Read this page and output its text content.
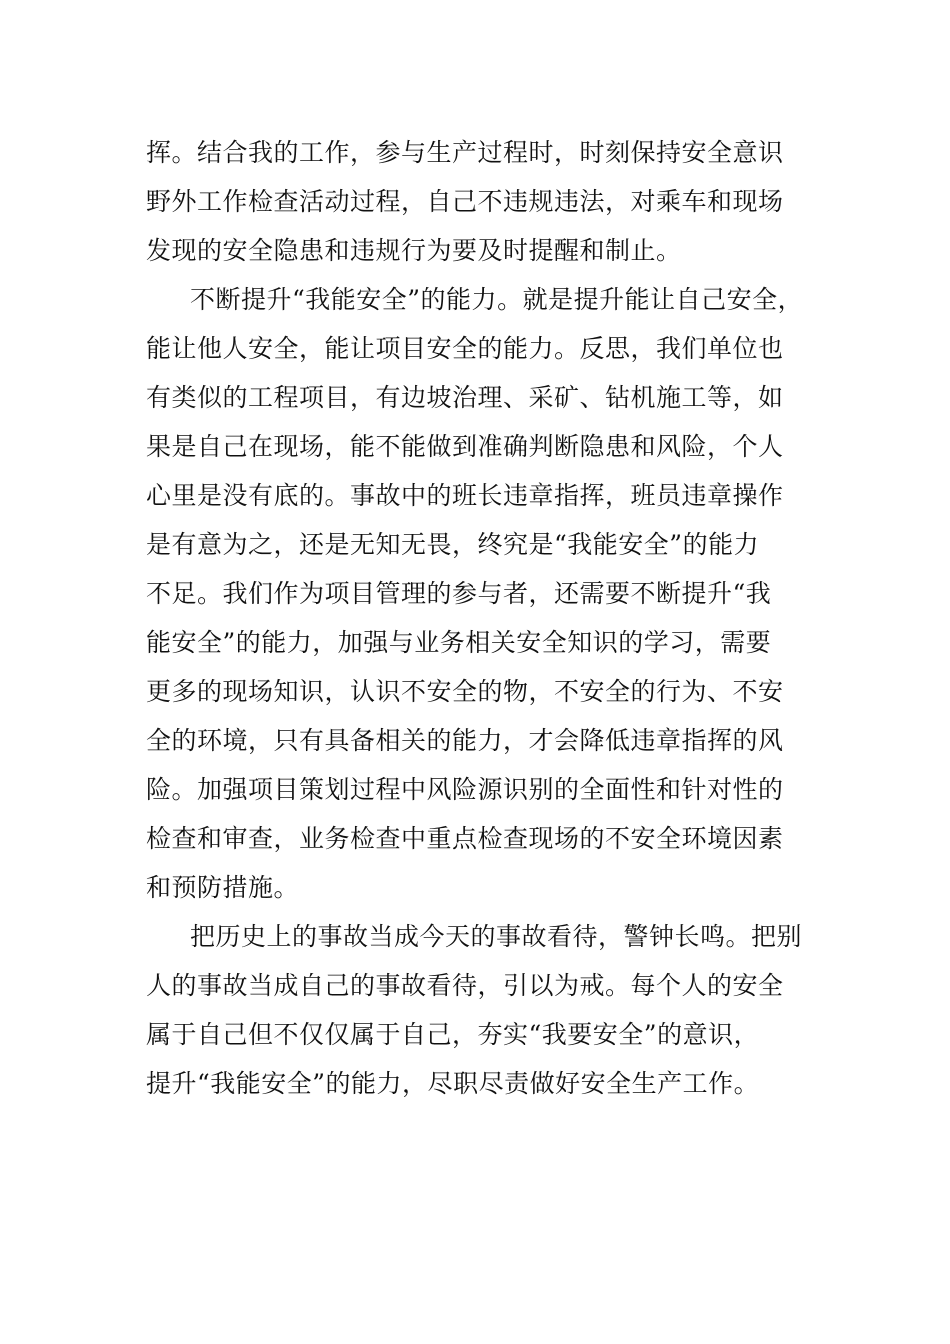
挥。结合我的工作，参与生产过程时，时刻保持安全意识
野外工作检查活动过程，自己不违规违法，对乘车和现场
发现的安全隐患和违规行为要及时提醒和制止。
不断提升“我能安全”的能力。就是提升能让自己安全，
能让他人安全，能让项目安全的能力。反思，我们单位也
有类似的工程项目，有边坡治理、采矿、钻机施工等，如
果是自己在现场，能不能做到准确判断隐患和风险，个人
心里是没有底的。事故中的班长违章指挥，班员违章操作
是有意为之，还是无知无畏，终究是“我能安全”的能力
不足。我们作为项目管理的参与者，还需要不断提升“我
能安全”的能力，加强与业务相关安全知识的学习，需要
更多的现场知识，认识不安全的物，不安全的行为、不安
全的环境，只有具备相关的能力，才会降低违章指挥的风
险。加强项目策划过程中风险源识别的全面性和针对性的
检查和审查，业务检查中重点检查现场的不安全环境因素
和预防措施。
把历史上的事故当成今天的事故看待，警钟长鸣。把别
人的事故当成自己的事故看待，引以为戒。每个人的安全
属于自己但不仅仅属于自己，夯实“我要安全”的意识，
提升“我能安全”的能力，尽职尽责做好安全生产工作。
